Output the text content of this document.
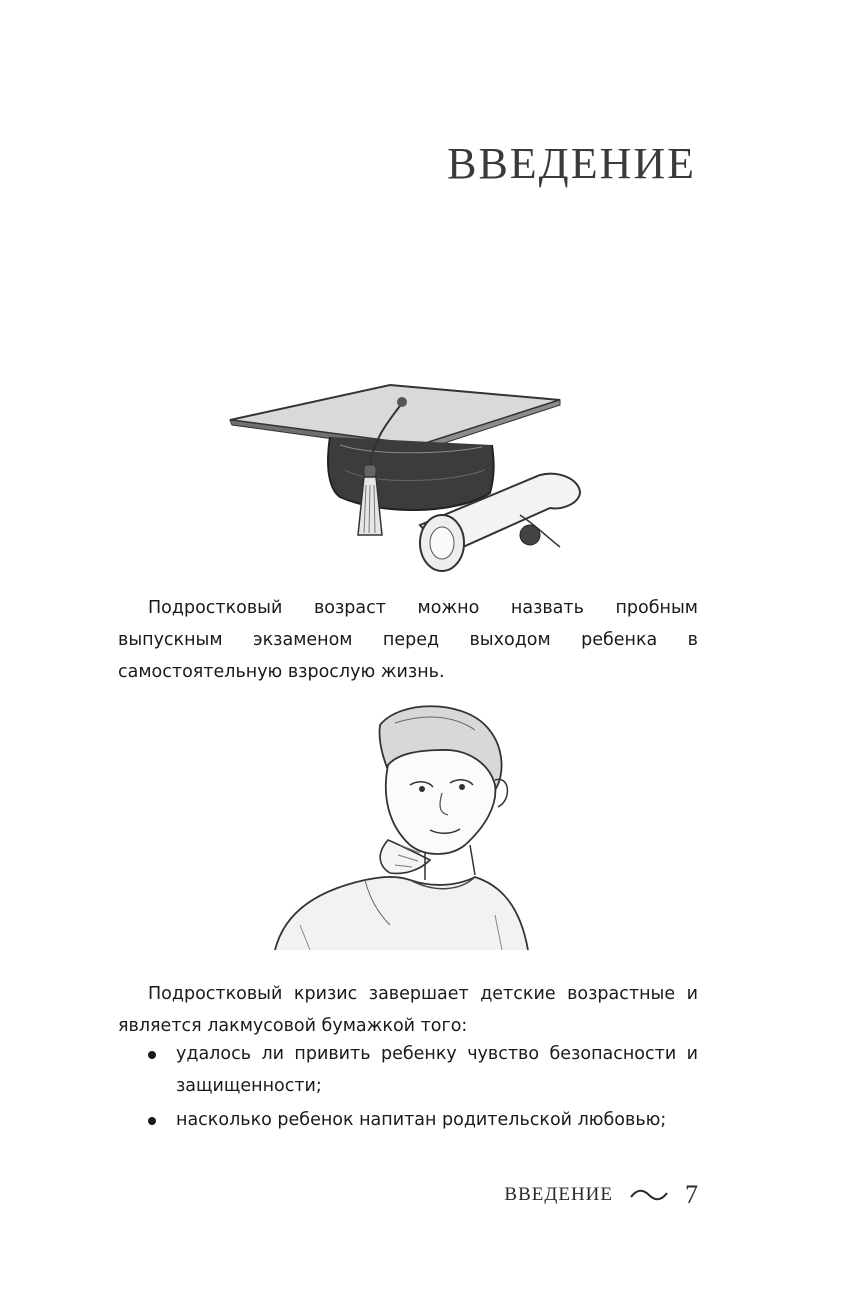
ВВЕДЕНИЕ

Подростковый возраст можно назвать пробным выпускным экзаменом перед выходом ребенка в самостоятельную взрослую жизнь.

Подростковый кризис завершает детские возрастные и является лакмусовой бумажкой того:

удалось ли привить ребенку чувство безопасности и защищенности;
насколько ребенок напитан родительской любовью;
ВВЕДЕНИЕ	7
